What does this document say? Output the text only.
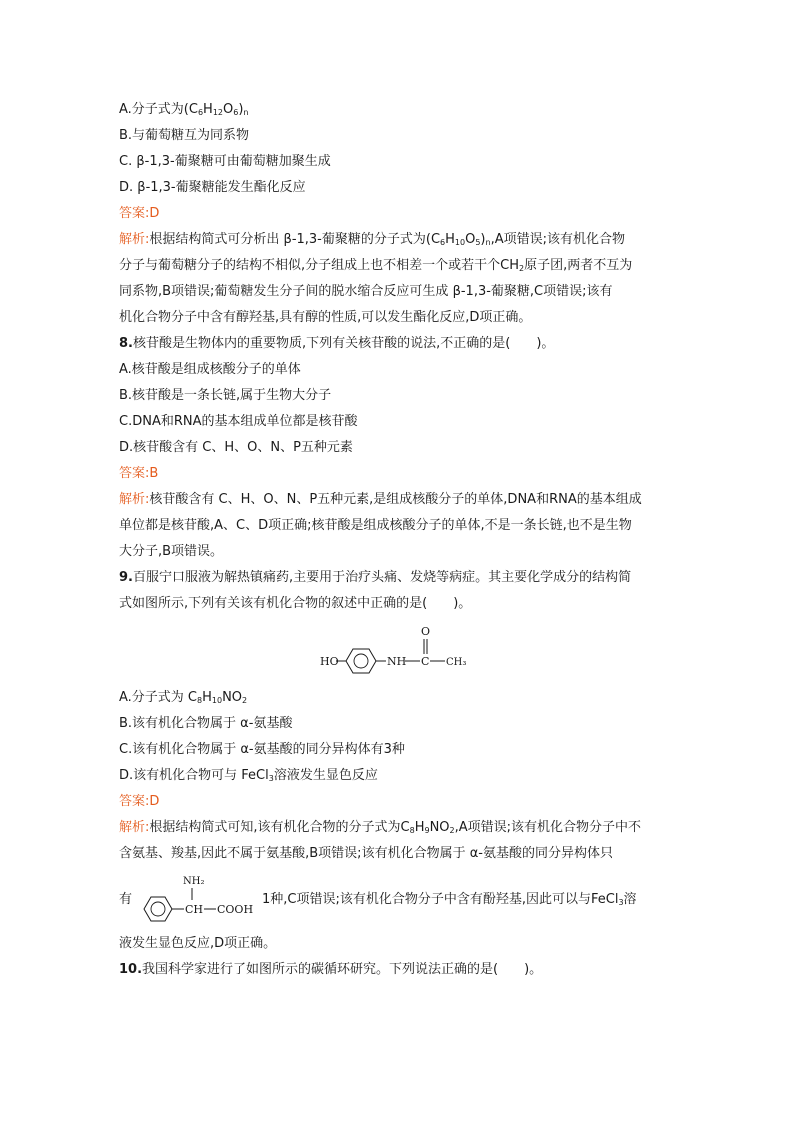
A.分子式为$(C_6H_{12}O_6)_n$
B.与葡萄糖互为同系物
C. β-1,3-葡聚糖可由葡萄糖加聚生成
D. β-1,3-葡聚糖能发生酯化反应
答案:D
解析:根据结构简式可分析出 β-1,3-葡聚糖的分子式为$(C_6H_{10}O_5)_n,A$项错误;该有机化合物
分子与葡萄糖分子的结构不相似,分子组成上也不相差一个或若干个$CH_2$原子团,两者不互为
同系物,B项错误;葡萄糖发生分子间的脱水缩合反应可生成 β-1,3-葡聚糖,C项错误;该有
机化合物分子中含有醇羟基,具有醇的性质,可以发生酯化反应,D项正确。
8.核苷酸是生物体内的重要物质,下列有关核苷酸的说法,不正确的是(　　)。
A.核苷酸是组成核酸分子的单体
B.核苷酸是一条长链,属于生物大分子
C.DNA和RNA的基本组成单位都是核苷酸
D.核苷酸含有 C、H、O、N、P五种元素
答案:B
解析:核苷酸含有 C、H、O、N、P五种元素,是组成核酸分子的单体,DNA和RNA的基本组成
单位都是核苷酸,A、C、D项正确;核苷酸是组成核酸分子的单体,不是一条长链,也不是生物
大分子,B项错误。
9.百服宁口服液为解热镇痛药,主要用于治疗头痛、发烧等病症。其主要化学成分的结构简
式如图所示,下列有关该有机化合物的叙述中正确的是(　　)。
HO	NH C
O
CH₃
A.分子式为 $C_8H_{10}NO_2$
B.该有机化合物属于 α-氨基酸
C.该有机化合物属于 α-氨基酸的同分异构体有3种
D.该有机化合物可与 FeCl$_3$溶液发生显色反应
答案:D
解析:根据结构简式可知,该有机化合物的分子式为$C_8H_9NO_2,A$项错误;该有机化合物分子中不
含氨基、羧基,因此不属于氨基酸,B项错误;该有机化合物属于 α-氨基酸的同分异构体只
有
CH
NH₂
COOH
1种,C项错误;该有机化合物分子中含有酚羟基,因此可以与FeCl$_3$溶
液发生显色反应,D项正确。
10.我国科学家进行了如图所示的碳循环研究。下列说法正确的是(　　)。
